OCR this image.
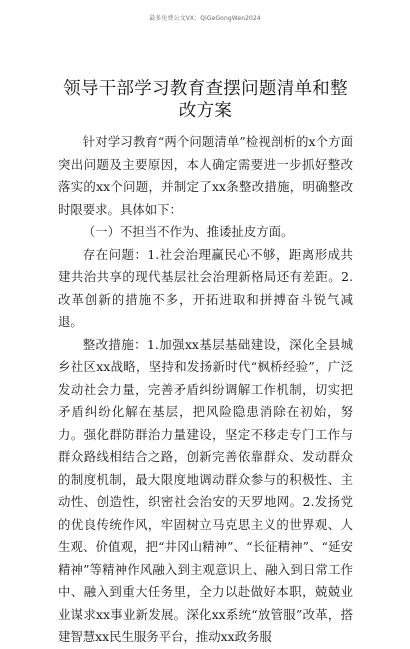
最多免费公文VX：QiGeGongWen2024
领导干部学习教育查摆问题清单和整改方案

针对学习教育“两个问题清单”检视剖析的x个方面突出问题及主要原因，本人确定需要进一步抓好整改落实的xx个问题，并制定了xx条整改措施，明确整改时限要求。具体如下：

（一）不担当不作为、推诿扯皮方面。

存在问题：1.社会治理赢民心不够，距离形成共建共治共享的现代基层社会治理新格局还有差距。2.改革创新的措施不多，开拓进取和拼搏奋斗锐气减退。

整改措施：1.加强xx基层基础建设，深化全县城乡社区xx战略，坚持和发扬新时代“枫桥经验”，广泛发动社会力量，完善矛盾纠纷调解工作机制，切实把矛盾纠纷化解在基层，把风险隐患消除在初始，努力。强化群防群治力量建设，坚定不移走专门工作与群众路线相结合之路，创新完善依靠群众、发动群众的制度机制，最大限度地调动群众参与的积极性、主动性、创造性，织密社会治安的天罗地网。2.发扬党的优良传统作风，牢固树立马克思主义的世界观、人生观、价值观，把“井冈山精神”、“长征精神”、“延安精神”等精神作风融入到主观意识上、融入到日常工作中、融入到重大任务里，全力以赴做好本职，兢兢业业谋求xx事业新发展。深化xx系统“放管服”改革，搭建智慧xx民生服务平台，推动xx政务服
